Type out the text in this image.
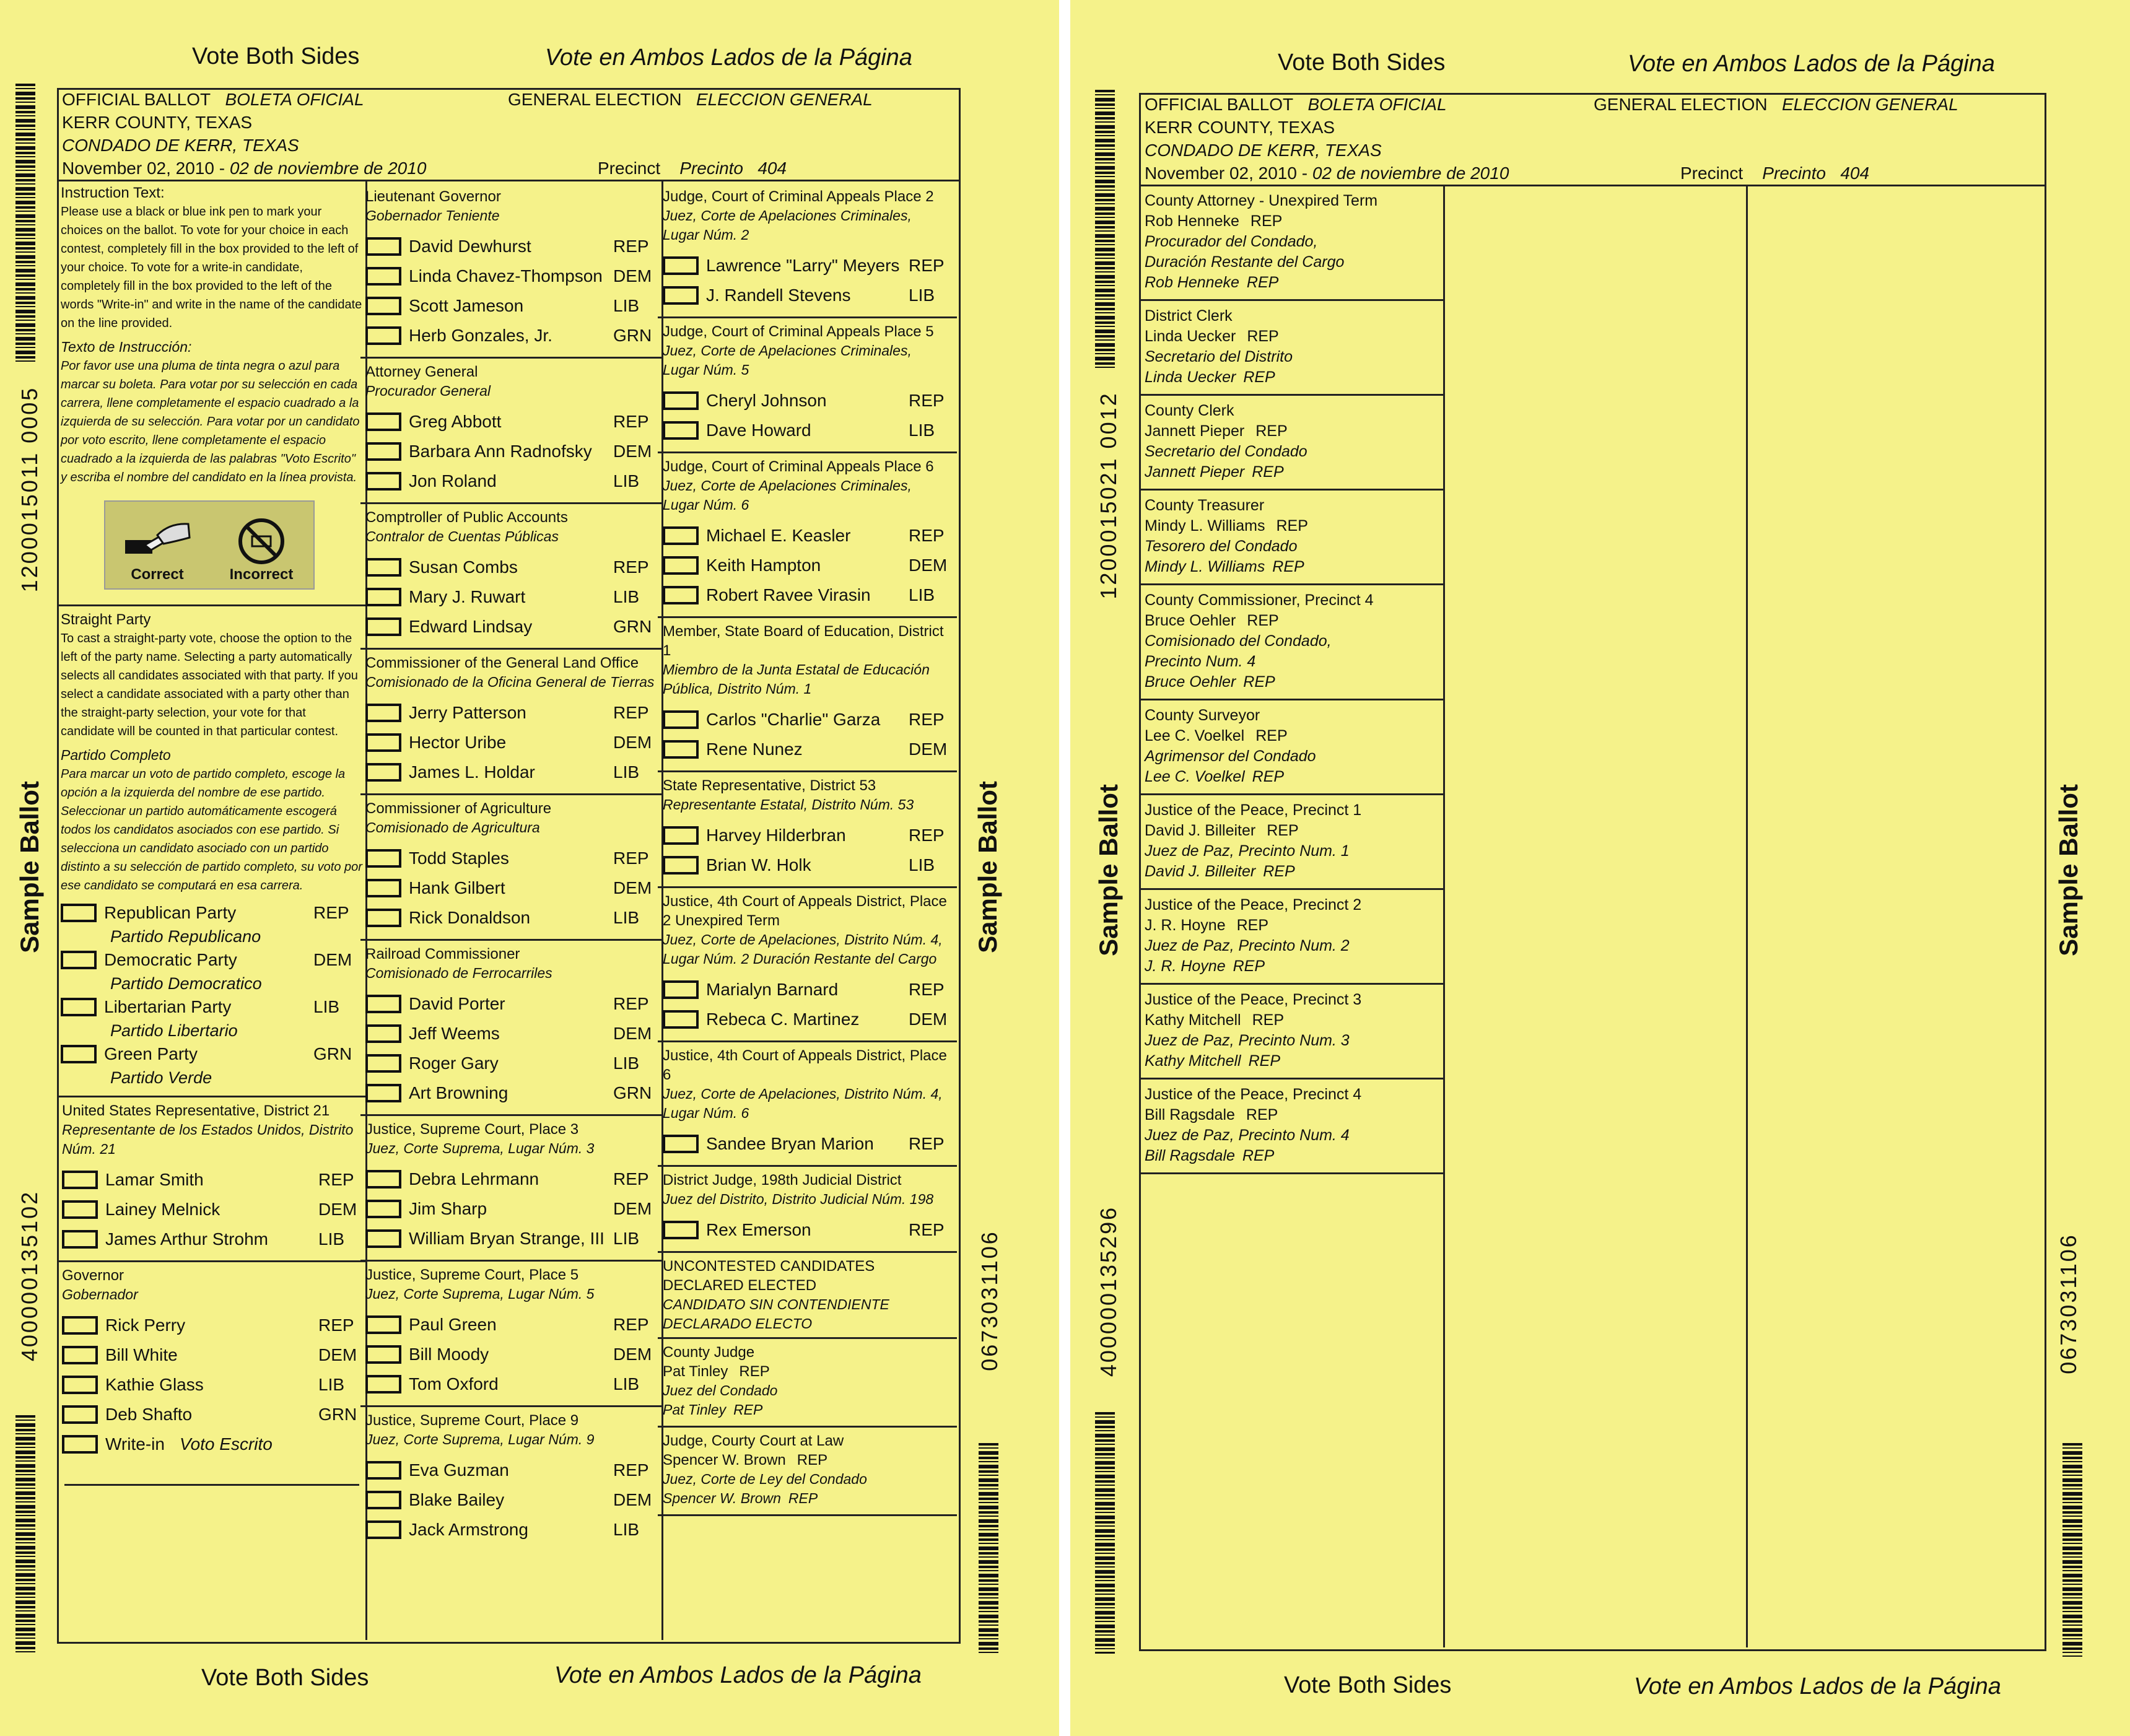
Vote Both Sides	Vote en Ambos Lados de la Página
Vote Both Sides	Vote en Ambos Lados de la Página
1200015011 0005
Sample Ballot
400000135102
Sample Ballot
0673031106
OFFICIAL BALLOT BOLETA OFICIAL	GENERAL ELECTION ELECCION GENERAL
KERR COUNTY, TEXAS
CONDADO DE KERR, TEXAS
November 02, 2010 - 02 de noviembre de 2010	Precinct Precinto 404
Instruction Text:
Please use a black or blue ink pen to mark your choices on the ballot. To vote for your choice in each contest, completely fill in the box provided to the left of your choice. To vote for a write-in candidate, completely fill in the box provided to the left of the words "Write-in" and write in the name of the candidate on the line provided.
Texto de Instrucción:
Por favor use una pluma de tinta negra o azul para marcar su boleta. Para votar por su selección en cada carrera, llene completamente el espacio cuadrado a la izquierda de su selección. Para votar por un candidato por voto escrito, llene completamente el espacio cuadrado a la izquierda de las palabras "Voto Escrito" y escriba el nombre del candidato en la línea provista.
Correct	Incorrect
Straight Party
To cast a straight-party vote, choose the option to the left of the party name. Selecting a party automatically selects all candidates associated with that party. If you select a candidate associated with a party other than the straight-party selection, your vote for that candidate will be counted in that particular contest.
Partido Completo
Para marcar un voto de partido completo, escoge la opción a la izquierda del nombre de ese partido. Seleccionar un partido automáticamente escogerá todos los candidatos asociados con ese partido. Si selecciona un candidato asociado con un partido distinto a su selección de partido completo, su voto por ese candidato se computará en esa carrera.
Republican Party	REP
Partido Republicano
Democratic Party	DEM
Partido Democratico
Libertarian Party	LIB
Partido Libertario
Green Party	GRN
Partido Verde
United States Representative, District 21
Representante de los Estados Unidos, Distrito Núm. 21
Lamar Smith	REP
Lainey Melnick	DEM
James Arthur Strohm	LIB
Governor
Gobernador
Rick Perry	REP
Bill White	DEM
Kathie Glass	LIB
Deb Shafto	GRN
Write-in Voto Escrito
Lieutenant Governor
Gobernador Teniente
David Dewhurst	REP
Linda Chavez-Thompson DEM
Scott Jameson	LIB
Herb Gonzales, Jr.	GRN
Attorney General
Procurador General
Greg Abbott	REP
Barbara Ann Radnofsky	DEM
Jon Roland	LIB
Comptroller of Public Accounts
Contralor de Cuentas Públicas
Susan Combs	REP
Mary J. Ruwart	LIB
Edward Lindsay	GRN
Commissioner of the General Land Office
Comisionado de la Oficina General de Tierras
Jerry Patterson	REP
Hector Uribe	DEM
James L. Holdar	LIB
Commissioner of Agriculture
Comisionado de Agricultura
Todd Staples	REP
Hank Gilbert	DEM
Rick Donaldson	LIB
Railroad Commissioner
Comisionado de Ferrocarriles
David Porter	REP
Jeff Weems	DEM
Roger Gary	LIB
Art Browning	GRN
Justice, Supreme Court, Place 3
Juez, Corte Suprema, Lugar Núm. 3
Debra Lehrmann	REP
Jim Sharp	DEM
William Bryan Strange, III LIB
Justice, Supreme Court, Place 5
Juez, Corte Suprema, Lugar Núm. 5
Paul Green	REP
Bill Moody	DEM
Tom Oxford	LIB
Justice, Supreme Court, Place 9
Juez, Corte Suprema, Lugar Núm. 9
Eva Guzman	REP
Blake Bailey	DEM
Jack Armstrong	LIB
Judge, Court of Criminal Appeals Place 2
Juez, Corte de Apelaciones Criminales, Lugar Núm. 2
Lawrence "Larry" Meyers REP
J. Randell Stevens	LIB
Judge, Court of Criminal Appeals Place 5
Juez, Corte de Apelaciones Criminales, Lugar Núm. 5
Cheryl Johnson	REP
Dave Howard	LIB
Judge, Court of Criminal Appeals Place 6
Juez, Corte de Apelaciones Criminales, Lugar Núm. 6
Michael E. Keasler	REP
Keith Hampton	DEM
Robert Ravee Virasin	LIB
Member, State Board of Education, District 1
Miembro de la Junta Estatal de Educación Pública, Distrito Núm. 1
Carlos "Charlie" Garza	REP
Rene Nunez	DEM
State Representative, District 53
Representante Estatal, Distrito Núm. 53
Harvey Hilderbran	REP
Brian W. Holk	LIB
Justice, 4th Court of Appeals District, Place 2 Unexpired Term
Juez, Corte de Apelaciones, Distrito Núm. 4, Lugar Núm. 2 Duración Restante del Cargo
Marialyn Barnard	REP
Rebeca C. Martinez	DEM
Justice, 4th Court of Appeals District, Place 6
Juez, Corte de Apelaciones, Distrito Núm. 4, Lugar Núm. 6
Sandee Bryan Marion	REP
District Judge, 198th Judicial District
Juez del Distrito, Distrito Judicial Núm. 198
Rex Emerson	REP
UNCONTESTED CANDIDATES DECLARED ELECTED
CANDIDATO SIN CONTENDIENTE DECLARADO ELECTO
County Judge
Pat Tinley REP
Juez del Condado
Pat Tinley REP
Judge, Courty Court at Law
Spencer W. Brown REP
Juez, Corte de Ley del Condado
Spencer W. Brown REP
Vote Both Sides	Vote en Ambos Lados de la Página
Vote Both Sides	Vote en Ambos Lados de la Página
1200015021 0012
Sample Ballot
400000135296
Sample Ballot
0673031106
OFFICIAL BALLOT BOLETA OFICIAL	GENERAL ELECTION ELECCION GENERAL
KERR COUNTY, TEXAS
CONDADO DE KERR, TEXAS
November 02, 2010 - 02 de noviembre de 2010	Precinct Precinto 404
County Attorney - Unexpired Term
Rob Henneke REP
Procurador del Condado,
Duración Restante del Cargo
Rob Henneke REP
District Clerk
Linda Uecker REP
Secretario del Distrito
Linda Uecker REP
County Clerk
Jannett Pieper REP
Secretario del Condado
Jannett Pieper REP
County Treasurer
Mindy L. Williams REP
Tesorero del Condado
Mindy L. Williams REP
County Commissioner, Precinct 4
Bruce Oehler REP
Comisionado del Condado,
Precinto Num. 4
Bruce Oehler REP
County Surveyor
Lee C. Voelkel REP
Agrimensor del Condado
Lee C. Voelkel REP
Justice of the Peace, Precinct 1
David J. Billeiter REP
Juez de Paz, Precinto Num. 1
David J. Billeiter REP
Justice of the Peace, Precinct 2
J. R. Hoyne REP
Juez de Paz, Precinto Num. 2
J. R. Hoyne REP
Justice of the Peace, Precinct 3
Kathy Mitchell REP
Juez de Paz, Precinto Num. 3
Kathy Mitchell REP
Justice of the Peace, Precinct 4
Bill Ragsdale REP
Juez de Paz, Precinto Num. 4
Bill Ragsdale REP
